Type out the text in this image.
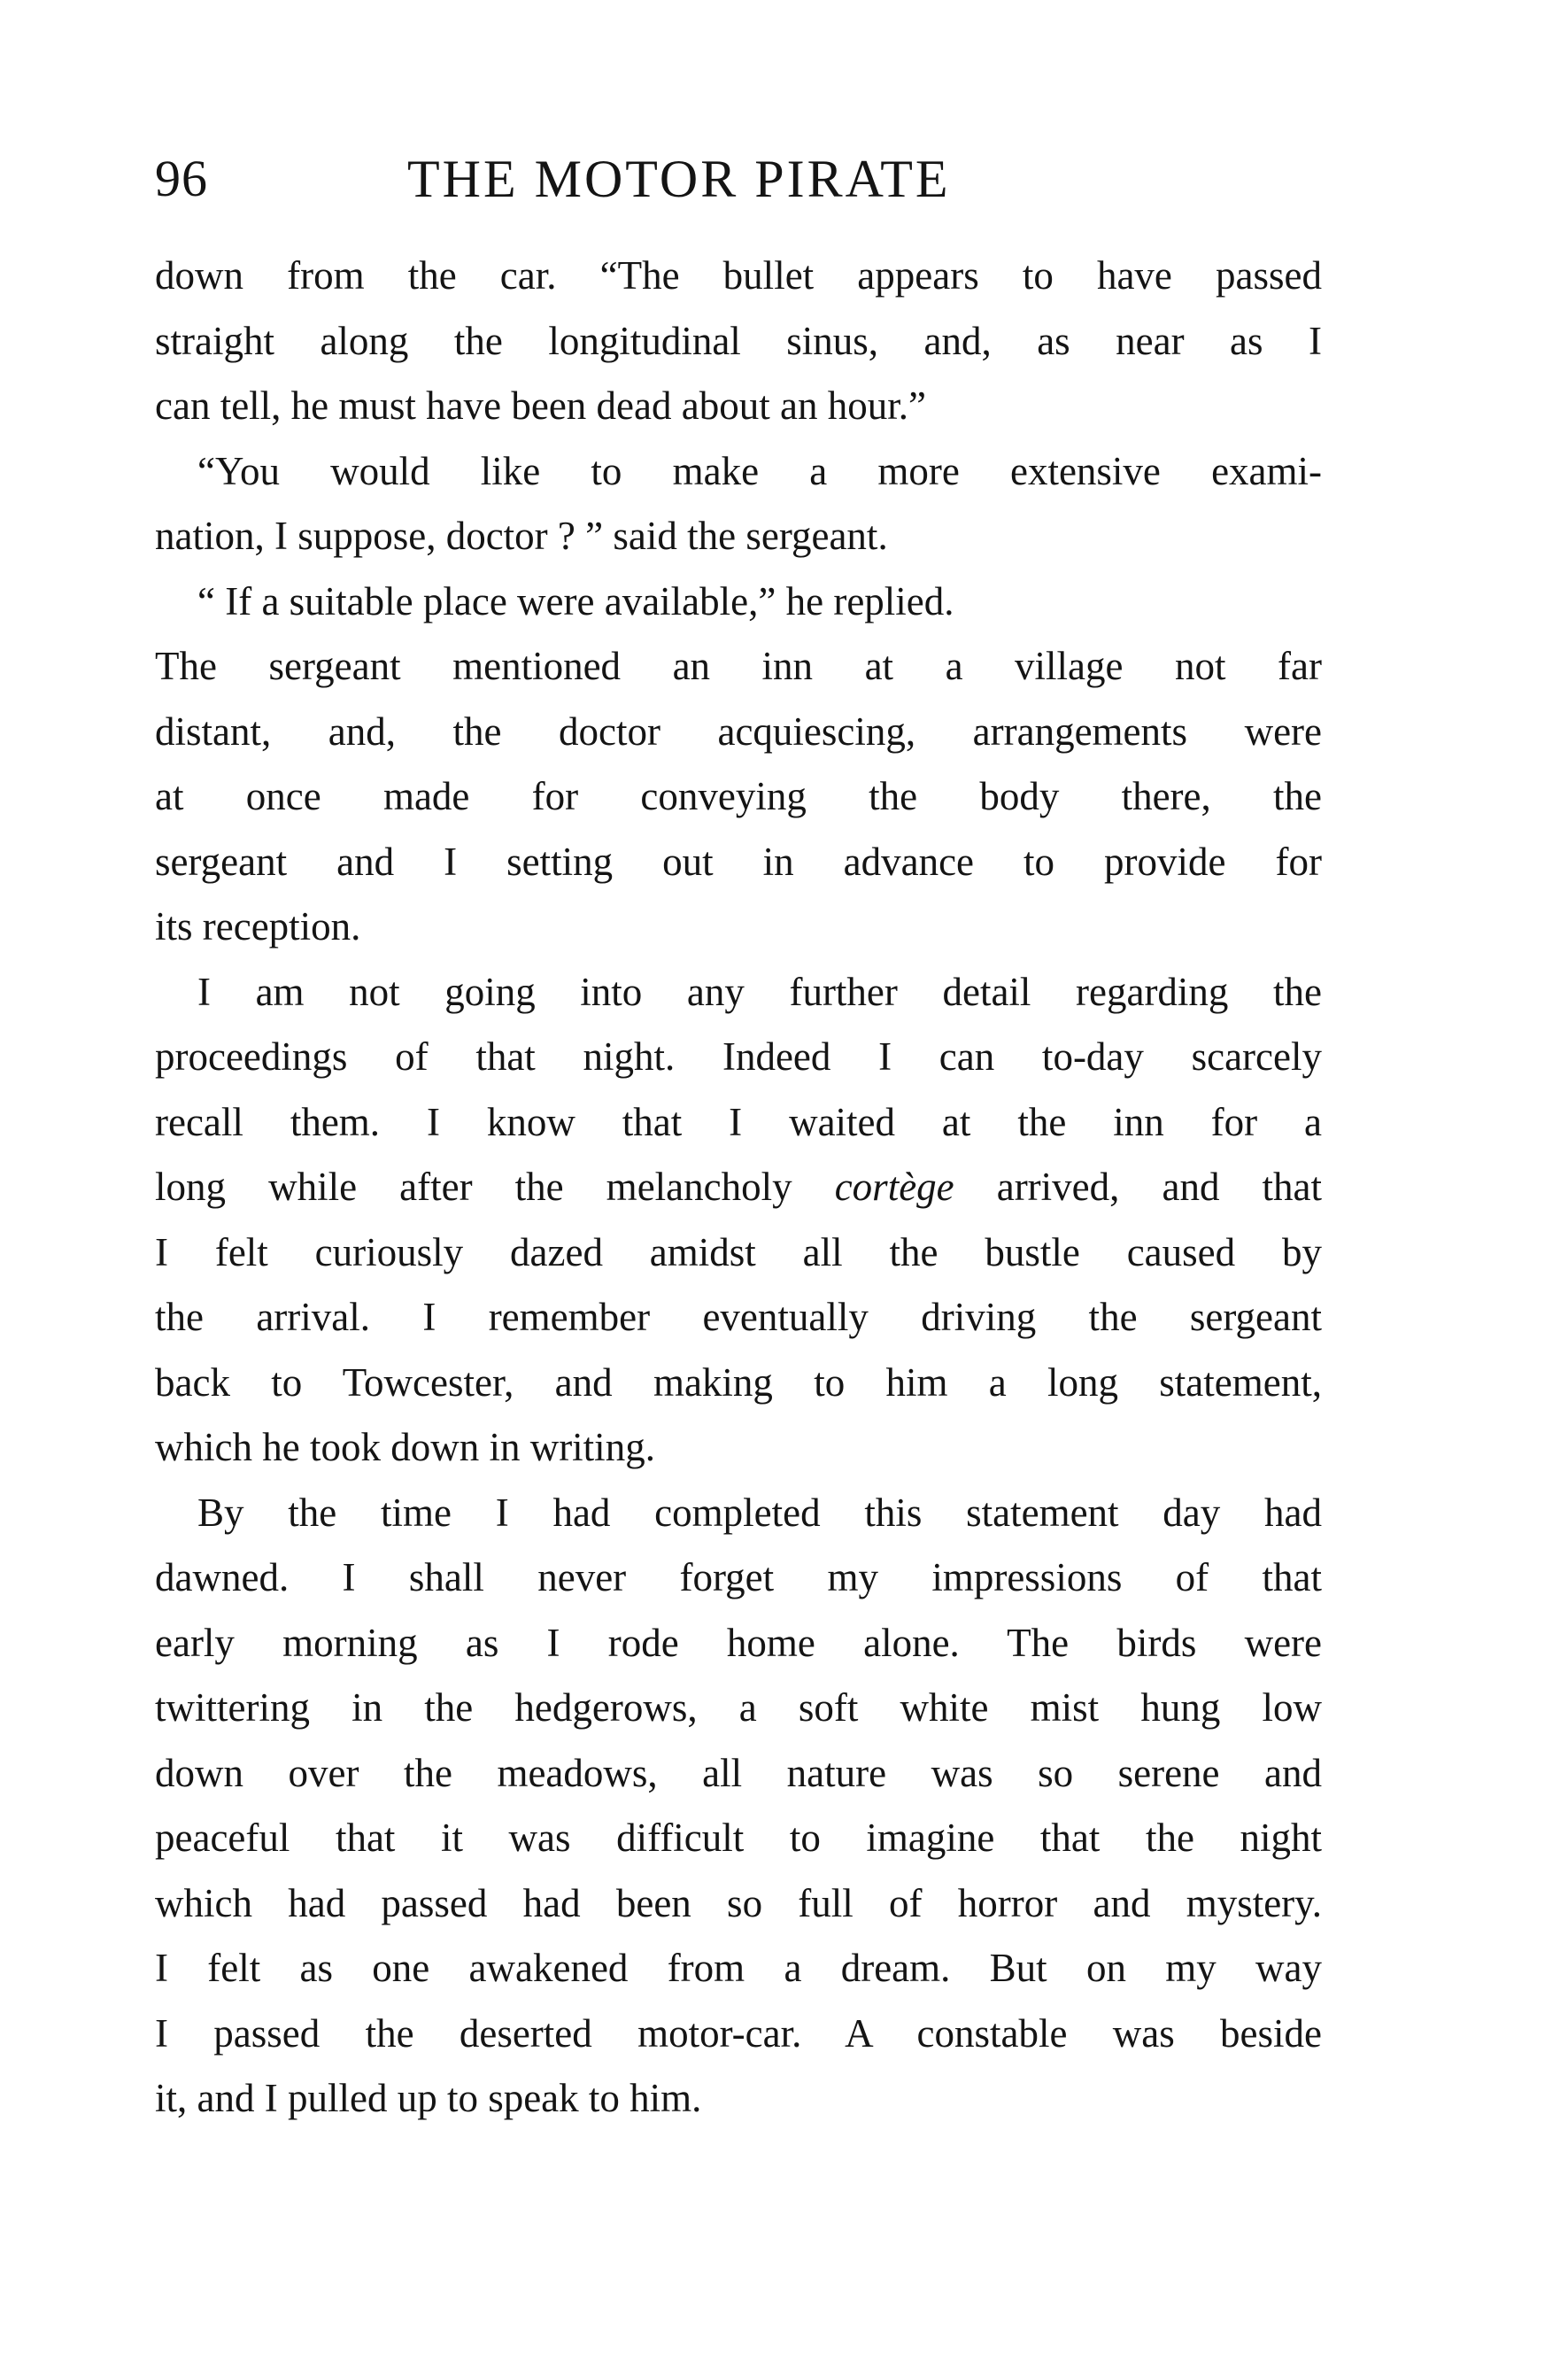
96	THE MOTOR PIRATE
down from the car. “The bullet appears to have passed
straight along the longitudinal sinus, and, as near as I
can tell, he must have been dead about an hour.”
“You would like to make a more extensive exami-
nation, I suppose, doctor ? ” said the sergeant.
“ If a suitable place were available,” he replied.
The sergeant mentioned an inn at a village not far
distant, and, the doctor acquiescing, arrangements were
at once made for conveying the body there, the
sergeant and I setting out in advance to provide for
its reception.
I am not going into any further detail regarding the
proceedings of that night. Indeed I can to-day scarcely
recall them. I know that I waited at the inn for a
long while after the melancholy cortège arrived, and that
I felt curiously dazed amidst all the bustle caused by
the arrival. I remember eventually driving the sergeant
back to Towcester, and making to him a long statement,
which he took down in writing.
By the time I had completed this statement day had
dawned. I shall never forget my impressions of that
early morning as I rode home alone. The birds were
twittering in the hedgerows, a soft white mist hung low
down over the meadows, all nature was so serene and
peaceful that it was difficult to imagine that the night
which had passed had been so full of horror and mystery.
I felt as one awakened from a dream. But on my way
I passed the deserted motor-car. A constable was beside
it, and I pulled up to speak to him.
